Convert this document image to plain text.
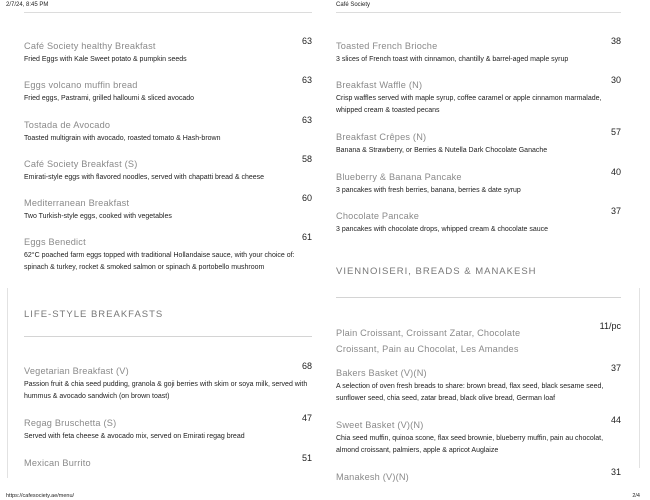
2/7/24, 8:45 PM
Café Society healthy Breakfast
Fried Eggs with Kale Sweet potato & pumpkin seeds
63
Eggs volcano muffin bread
Fried eggs, Pastrami, grilled halloumi & sliced avocado
63
Tostada de Avocado
Toasted multigrain with avocado, roasted tomato & Hash-brown
63
Café Society Breakfast (S)
Emirati-style eggs with flavored noodles, served with chapatti bread & cheese
58
Mediterranean Breakfast
Two Turkish-style eggs, cooked with vegetables
60
Eggs Benedict
62°C poached farm eggs topped with traditional Hollandaise sauce, with your choice of: spinach & turkey, rocket & smoked salmon or spinach & portobello mushroom
61
LIFE-STYLE BREAKFASTS
Vegetarian Breakfast (V)
Passion fruit & chia seed pudding, granola & goji berries with skim or soya milk, served with hummus & avocado sandwich (on brown toast)
68
Regag Bruschetta (S)
Served with feta cheese & avocado mix, served on Emirati regag bread
47
Mexican Burrito	51
https://cafesociety.ae/menu/
Café Society
Toasted French Brioche
3 slices of French toast with cinnamon, chantilly & barrel-aged maple syrup
38
Breakfast Waffle (N)
Crisp waffles served with maple syrup, coffee caramel or apple cinnamon marmalade, whipped cream & toasted pecans
30
Breakfast Crêpes (N)
Banana & Strawberry, or Berries & Nutella Dark Chocolate Ganache
57
Blueberry & Banana Pancake
3 pancakes with fresh berries, banana, berries & date syrup
40
Chocolate Pancake
3 pancakes with chocolate drops, whipped cream & chocolate sauce
37
VIENNOISERI, BREADS & MANAKESH
Plain Croissant, Croissant Zatar, Chocolate Croissant, Pain au Chocolat, Les Amandes
11/pc
Bakers Basket (V)(N)
A selection of oven fresh breads to share: brown bread, flax seed, black sesame seed, sunflower seed, chia seed, zatar bread, black olive bread, German loaf
37
Sweet Basket (V)(N)
Chia seed muffin, quinoa scone, flax seed brownie, blueberry muffin, pain au chocolat, almond croissant, palmiers, apple & apricot Auglaize
44
Manakesh (V)(N)	31
2/4
